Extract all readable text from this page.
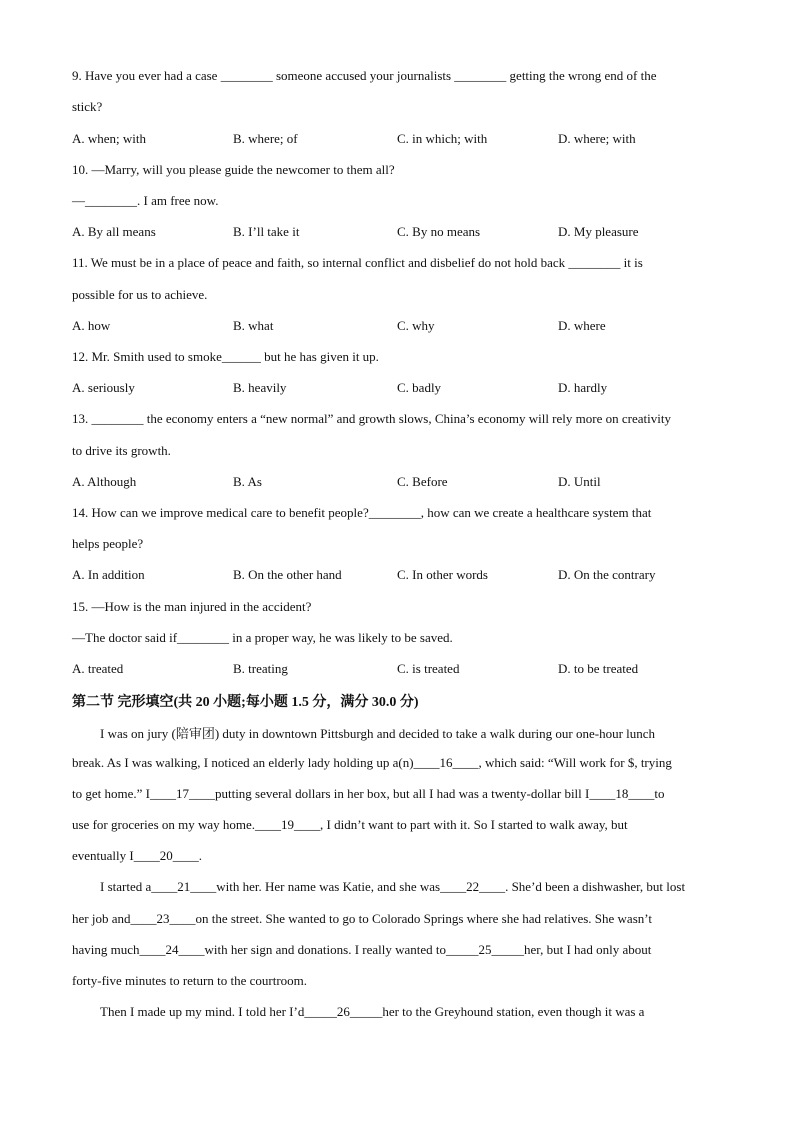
9. Have you ever had a case ________ someone accused your journalists ________ getting the wrong end of the
stick?
A. when; with	B. where; of	C. in which; with	D. where; with
10. —Marry, will you please guide the newcomer to them all?
—________. I am free now.
A. By all means	B. I’ll take it	C. By no means	D. My pleasure
11. We must be in a place of peace and faith, so internal conflict and disbelief do not hold back ________ it is
possible for us to achieve.
A. how	B. what	C. why	D. where
12. Mr. Smith used to smoke______ but he has given it up.
A. seriously	B. heavily	C. badly	D. hardly
13. ________ the economy enters a “new normal” and growth slows, China’s economy will rely more on creativity
to drive its growth.
A. Although	B. As	C. Before	D. Until
14. How can we improve medical care to benefit people?________, how can we create a healthcare system that
helps people?
A. In addition	B. On the other hand	C. In other words	D. On the contrary
15. —How is the man injured in the accident?
—The doctor said if________ in a proper way, he was likely to be saved.
A. treated	B. treating	C. is treated	D. to be treated
第二节 完形填空(共 20 小题;每小题 1.5 分，满分 30.0 分)
I was on jury (陪审团) duty in downtown Pittsburgh and decided to take a walk during our one-hour lunch
break. As I was walking, I noticed an elderly lady holding up a(n)____16____, which said: “Will work for $, trying
to get home.” I____17____putting several dollars in her box, but all I had was a twenty-dollar bill I____18____to
use for groceries on my way home.____19____, I didn’t want to part with it. So I started to walk away, but
eventually I____20____.
I started a____21____with her. Her name was Katie, and she was____22____. She’d been a dishwasher, but lost
her job and____23____on the street. She wanted to go to Colorado Springs where she had relatives. She wasn’t
having much____24____with her sign and donations. I really wanted to_____25_____her, but I had only about
forty-five minutes to return to the courtroom.
Then I made up my mind. I told her I’d_____26_____her to the Greyhound station, even though it was a
